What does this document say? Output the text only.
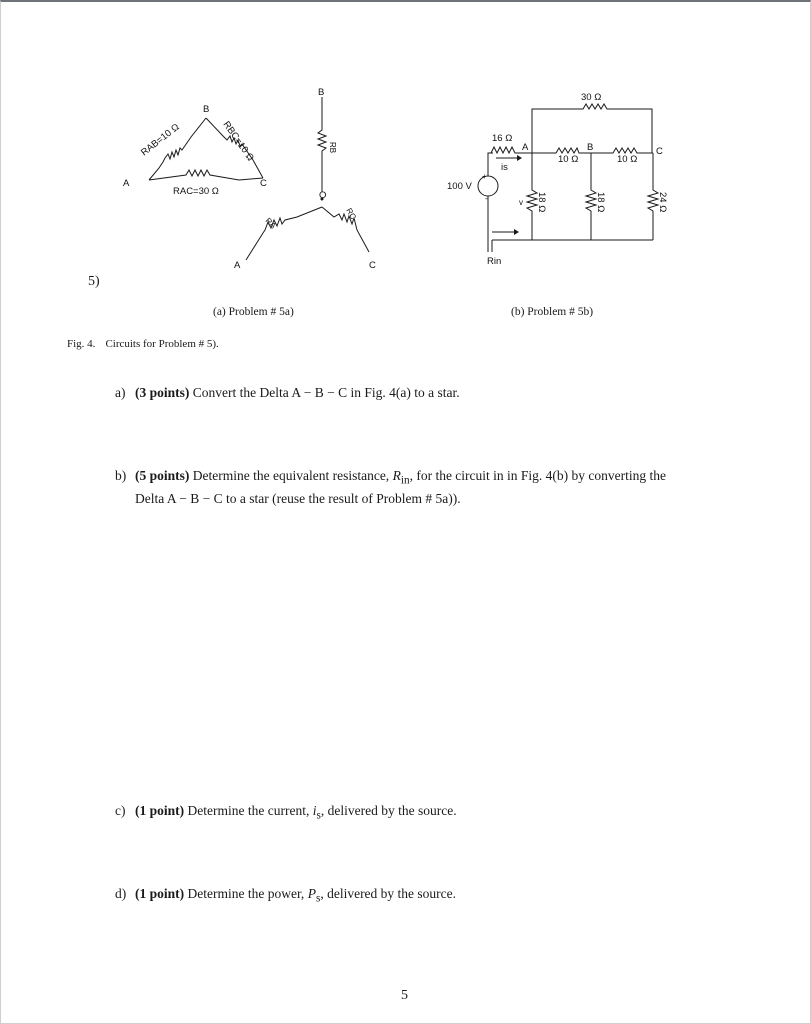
A
B
C
RAB=10 Ω	RBC=10 Ω
RAC=30 Ω
B
O
A	C
RB
RA
RC
30 Ω
16 Ω
A	B	C
10 Ω	10 Ω
is
100 V
+
-	v 18 Ω	18 Ω	24 Ω
Rin
5)
(a) Problem # 5a)	(b) Problem # 5b)
Fig. 4. Circuits for Problem # 5).
a) (3 points) Convert the Delta A − B − C in Fig. 4(a) to a star.
b) (5 points) Determine the equivalent resistance, $R_{in}$, for the circuit in in Fig. 4(b) by converting the
Delta A − B − C to a star (reuse the result of Problem # 5a)).
c) (1 point) Determine the current, $i_s$, delivered by the source.
d) (1 point) Determine the power, $P_s$, delivered by the source.
5
